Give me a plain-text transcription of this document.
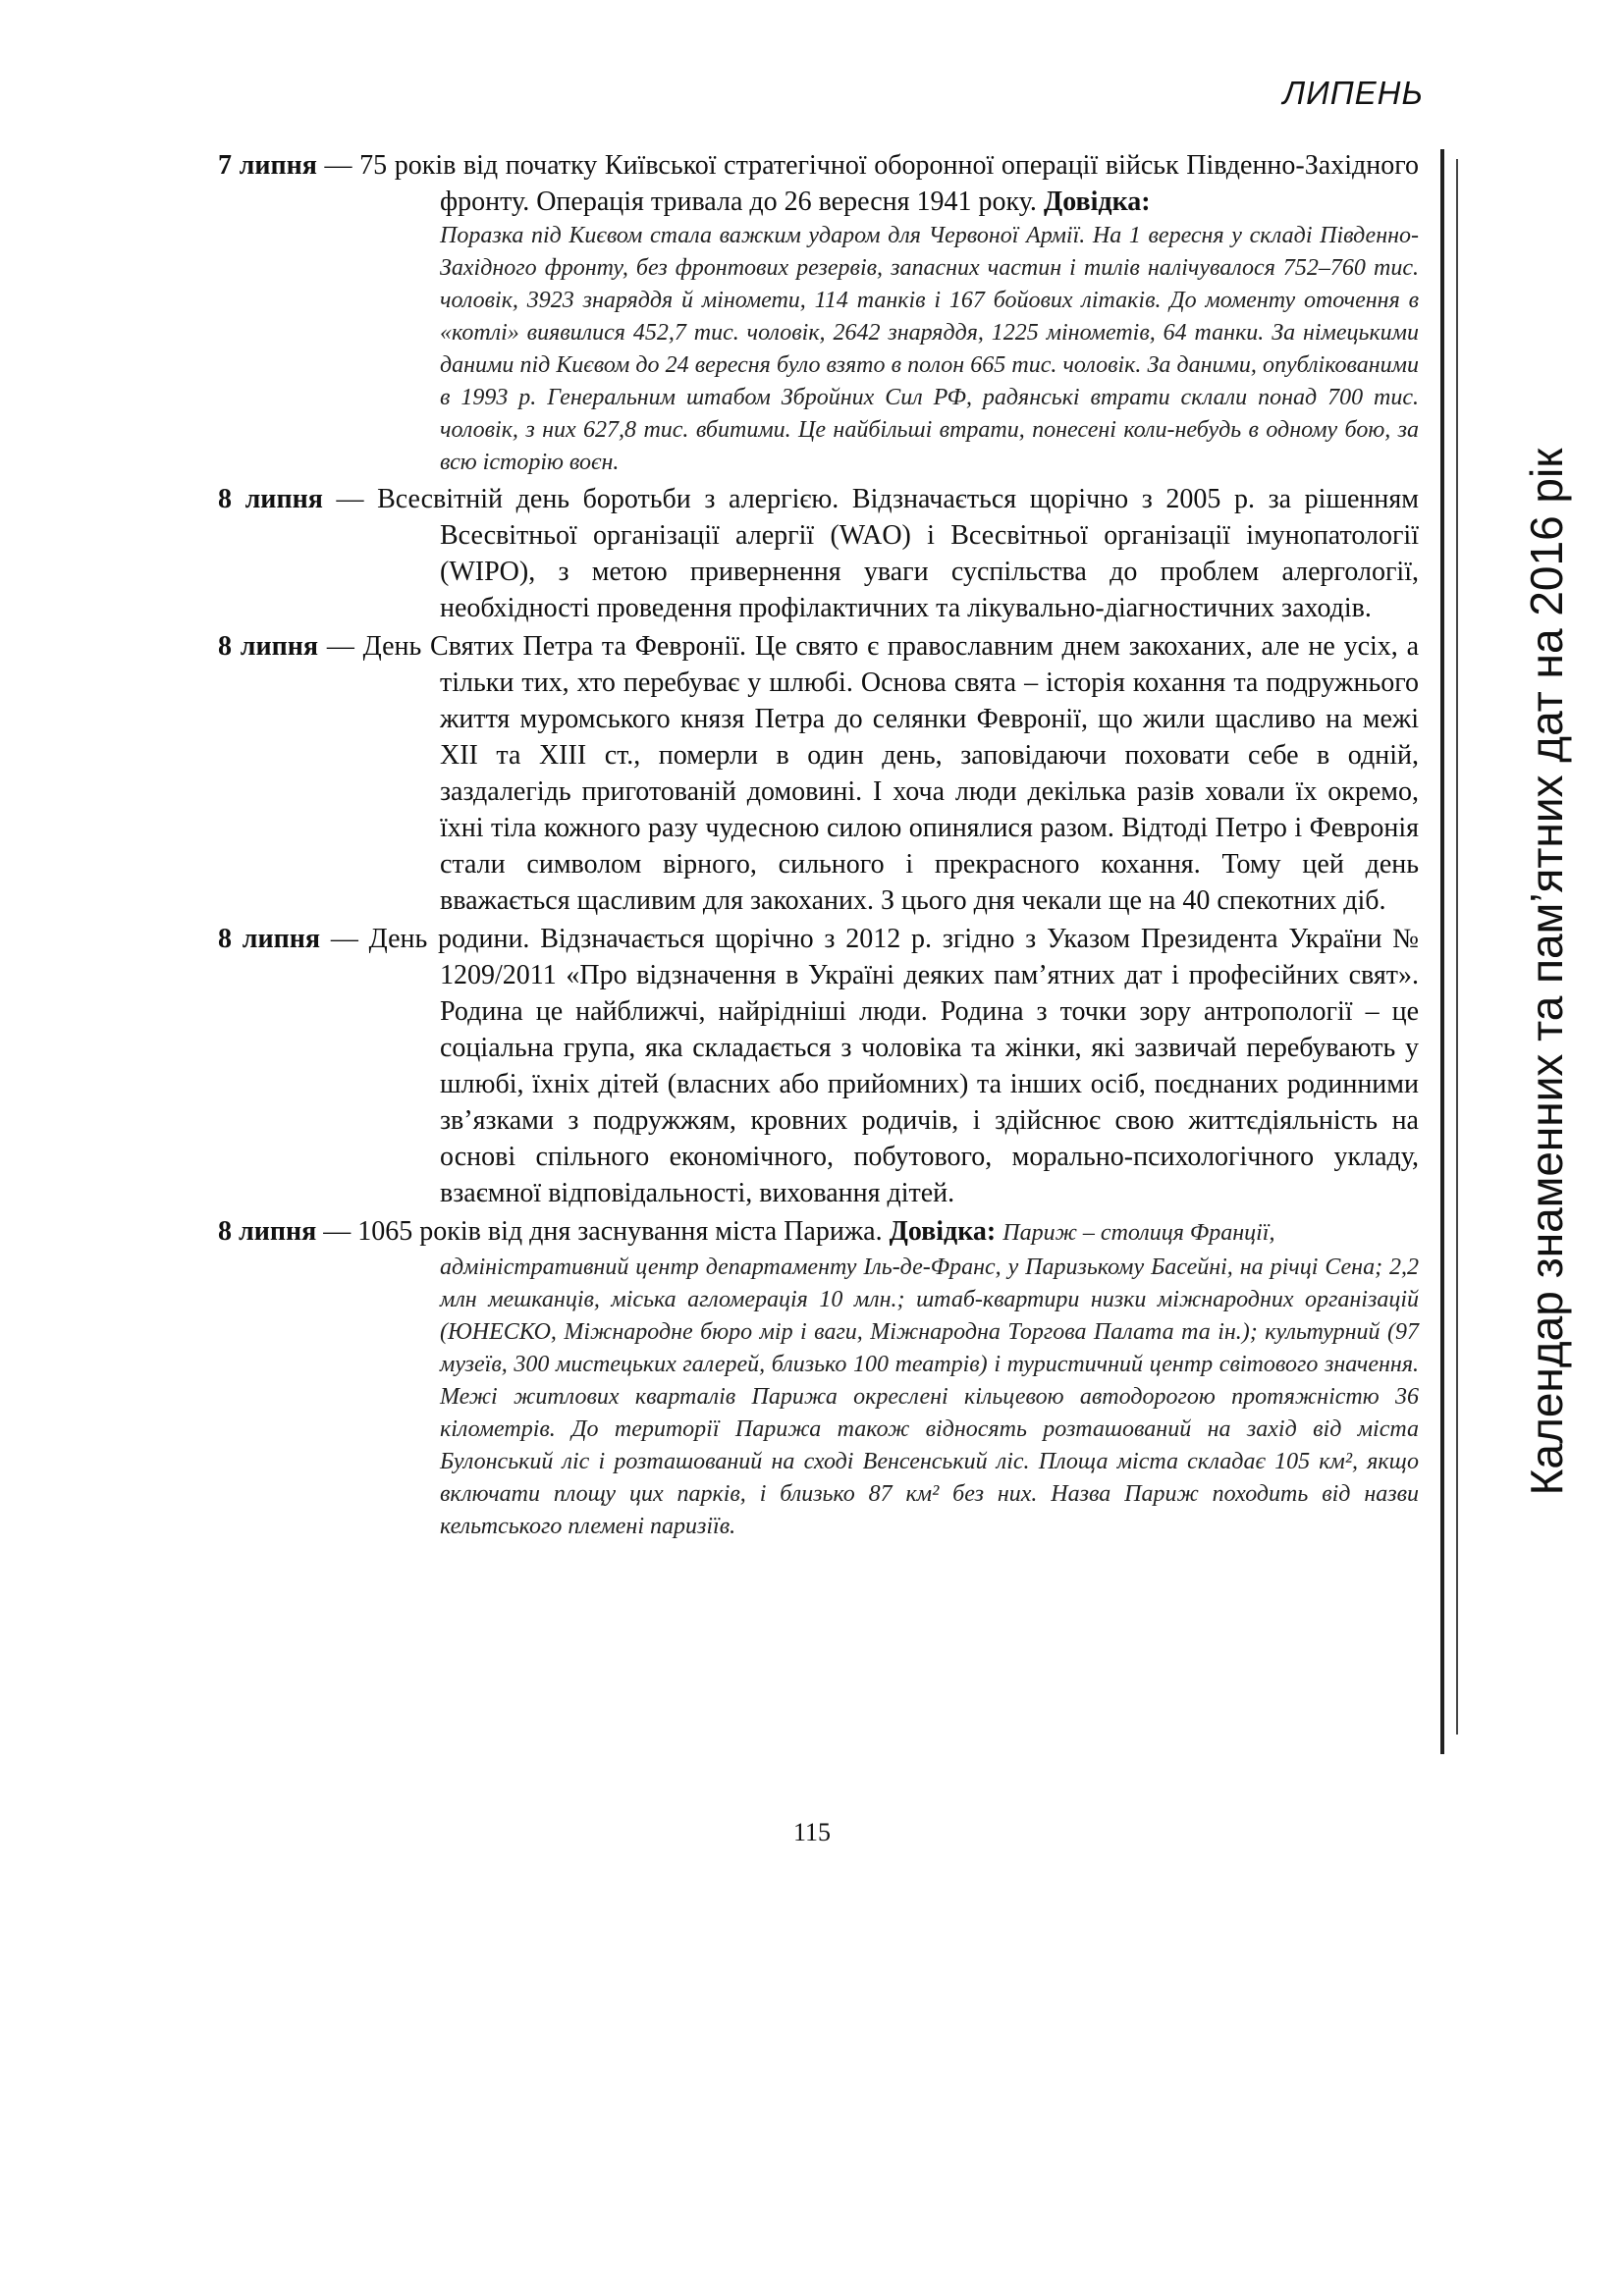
ЛИПЕНЬ
Календар знаменних та пам’ятних дат на 2016 рік
7 липня — 75 років від початку Київської стратегічної оборонної операції військ Південно-Західного фронту. Операція тривала до 26 вересня 1941 року. Довідка:
Поразка під Києвом стала важким ударом для Червоної Армії. На 1 вересня у складі Південно-Західного фронту, без фронтових резервів, запасних частин і тилів налічувалося 752–760 тис. чоловік, 3923 знаряддя й міномети, 114 танків і 167 бойових літаків. До моменту оточення в «котлі» виявилися 452,7 тис. чоловік, 2642 знаряддя, 1225 мінометів, 64 танки. За німецькими даними під Києвом до 24 вересня було взято в полон 665 тис. чоловік. За даними, опублікованими в 1993 р. Генеральним штабом Збройних Сил РФ, радянські втрати склали понад 700 тис. чоловік, з них 627,8 тис. вбитими. Це найбільші втрати, понесені коли-небудь в одному бою, за всю історію воєн.
8 липня — Всесвітній день боротьби з алергією. Відзначається щорічно з 2005 р. за рішенням Всесвітньої організації алергії (WAO) і Всесвітньої організації імунопатології (WIPO), з метою привернення уваги суспільства до проблем алергології, необхідності проведення профілактичних та лікувально-діагностичних заходів.
8 липня — День Святих Петра та Февронії. Це свято є православним днем закоханих, але не усіх, а тільки тих, хто перебуває у шлюбі. Основа свята – історія кохання та подружнього життя муромського князя Петра до селянки Февронії, що жили щасливо на межі XII та XIII ст., померли в один день, заповідаючи поховати себе в одній, заздалегідь приготованій домовині. І хоча люди декілька разів ховали їх окремо, їхні тіла кожного разу чудесною силою опинялися разом. Відтоді Петро і Февронія стали символом вірного, сильного і прекрасного кохання. Тому цей день вважається щасливим для закоханих. З цього дня чекали ще на 40 спекотних діб.
8 липня — День родини. Відзначається щорічно з 2012 р. згідно з Указом Президента України № 1209/2011 «Про відзначення в Україні деяких пам’ятних дат і професійних свят». Родина це найближчі, найрідніші люди. Родина з точки зору антропології – це соціальна група, яка складається з чоловіка та жінки, які зазвичай перебувають у шлюбі, їхніх дітей (власних або прийомних) та інших осіб, поєднаних родинними зв’язками з подружжям, кровних родичів, і здійснює свою життєдіяльність на основі спільного економічного, побутового, морально-психологічного укладу, взаємної відповідальності, виховання дітей.
8 липня — 1065 років від дня заснування міста Парижа. Довідка: Париж – столиця Франції,
адміністративний центр департаменту Іль-де-Франс, у Паризькому Басейні, на річці Сена; 2,2 млн мешканців, міська агломерація 10 млн.; штаб-квартири низки міжнародних організацій (ЮНЕСКО, Міжнародне бюро мір і ваги, Міжнародна Торгова Палата та ін.); культурний (97 музеїв, 300 мистецьких галерей, близько 100 театрів) і туристичний центр світового значення. Межі житлових кварталів Парижа окреслені кільцевою автодорогою протяжністю 36 кілометрів. До території Парижа також відносять розташований на захід від міста Булонський ліс і розташований на сході Венсенський ліс. Площа міста складає 105 км², якщо включати площу цих парків, і близько 87 км² без них. Назва Париж походить від назви кельтського племені паризіїв.
115
